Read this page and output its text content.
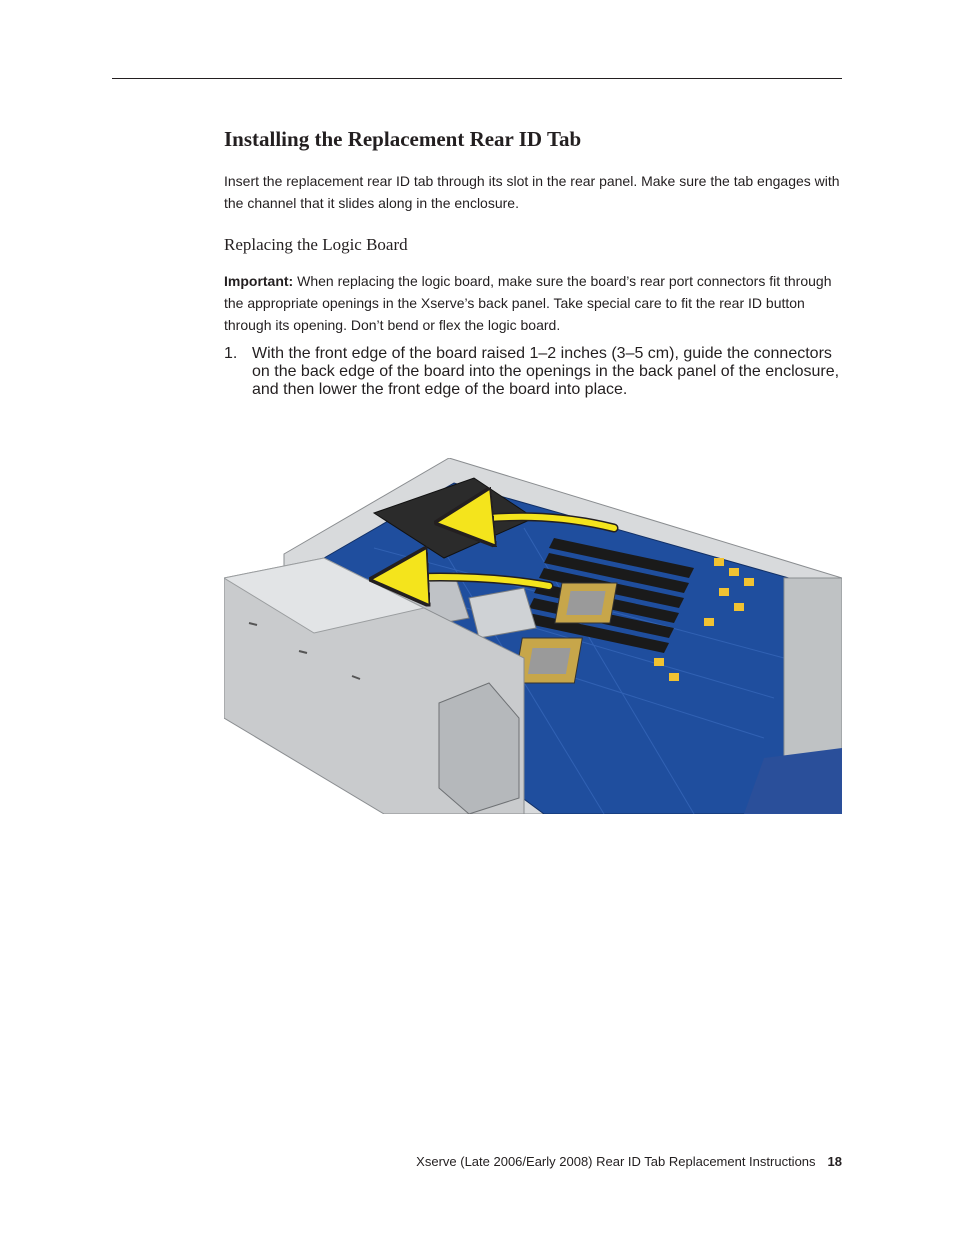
Installing the Replacement Rear ID Tab

Insert the replacement rear ID tab through its slot in the rear panel. Make sure the tab engages with the channel that it slides along in the enclosure.

Replacing the Logic Board

Important: When replacing the logic board, make sure the board’s rear port connectors fit through the appropriate openings in the Xserve’s back panel. Take special care to fit the rear ID button through its opening. Don’t bend or flex the logic board.

1. With the front edge of the board raised 1–2 inches (3–5 cm), guide the connectors on the back edge of the board into the openings in the back panel of the enclosure, and then lower the front edge of the board into place.
Xserve (Late 2006/Early 2008) Rear ID Tab Replacement Instructions 18
